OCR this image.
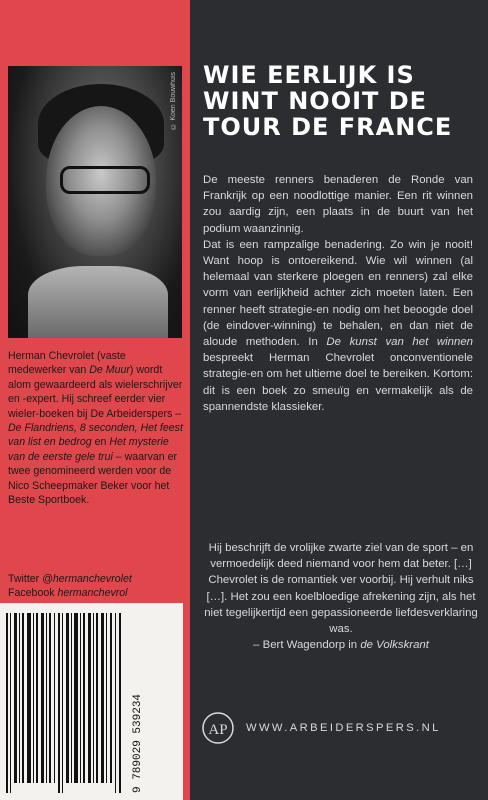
© Koen Bouwhuis

Herman Chevrolet (vaste medewerker van De Muur) wordt alom gewaardeerd als wielerschrijver en -expert. Hij schreef eerder vier wieler-boeken bij De Arbeiderspers – De Flandriens, 8 seconden, Het feest van list en bedrog en Het mysterie van de eerste gele trui – waarvan er twee genomineerd werden voor de Nico Scheepmaker Beker voor het Beste Sportboek.

Twitter @hermanchevrolet
Facebook hermanchevrol
9 789029 539234
WIE EERLIJK IS
WINT NOOIT DE
TOUR DE FRANCE

De meeste renners benaderen de Ronde van Frankrijk op een noodlottige manier. Een rit winnen zou aardig zijn, een plaats in de buurt van het podium waanzinnig.

Dat is een rampzalige benadering. Zo win je nooit! Want hoop is ontoereikend. Wie wil winnen (al helemaal van sterkere ploegen en renners) zal elke vorm van eerlijkheid achter zich moeten laten. Een renner heeft strategie-en nodig om het beoogde doel (de eindover-winning) te behalen, en dan niet de aloude methoden. In De kunst van het winnen bespreekt Herman Chevrolet onconventionele strategie-en om het ultieme doel te bereiken. Kortom: dit is een boek zo smeuïg en vermakelijk als de spannendste klassieker.

Hij beschrijft de vrolijke zwarte ziel van de sport – en vermoedelijk deed niemand voor hem dat beter. […] Chevrolet is de romantiek ver voorbij. Hij verhult niks […]. Het zou een koelbloedige afrekening zijn, als het niet tegelijkertijd een gepassioneerde liefdesverklaring was.

– Bert Wagendorp in de Volkskrant

AP WWW.ARBEIDERSPERS.NL
